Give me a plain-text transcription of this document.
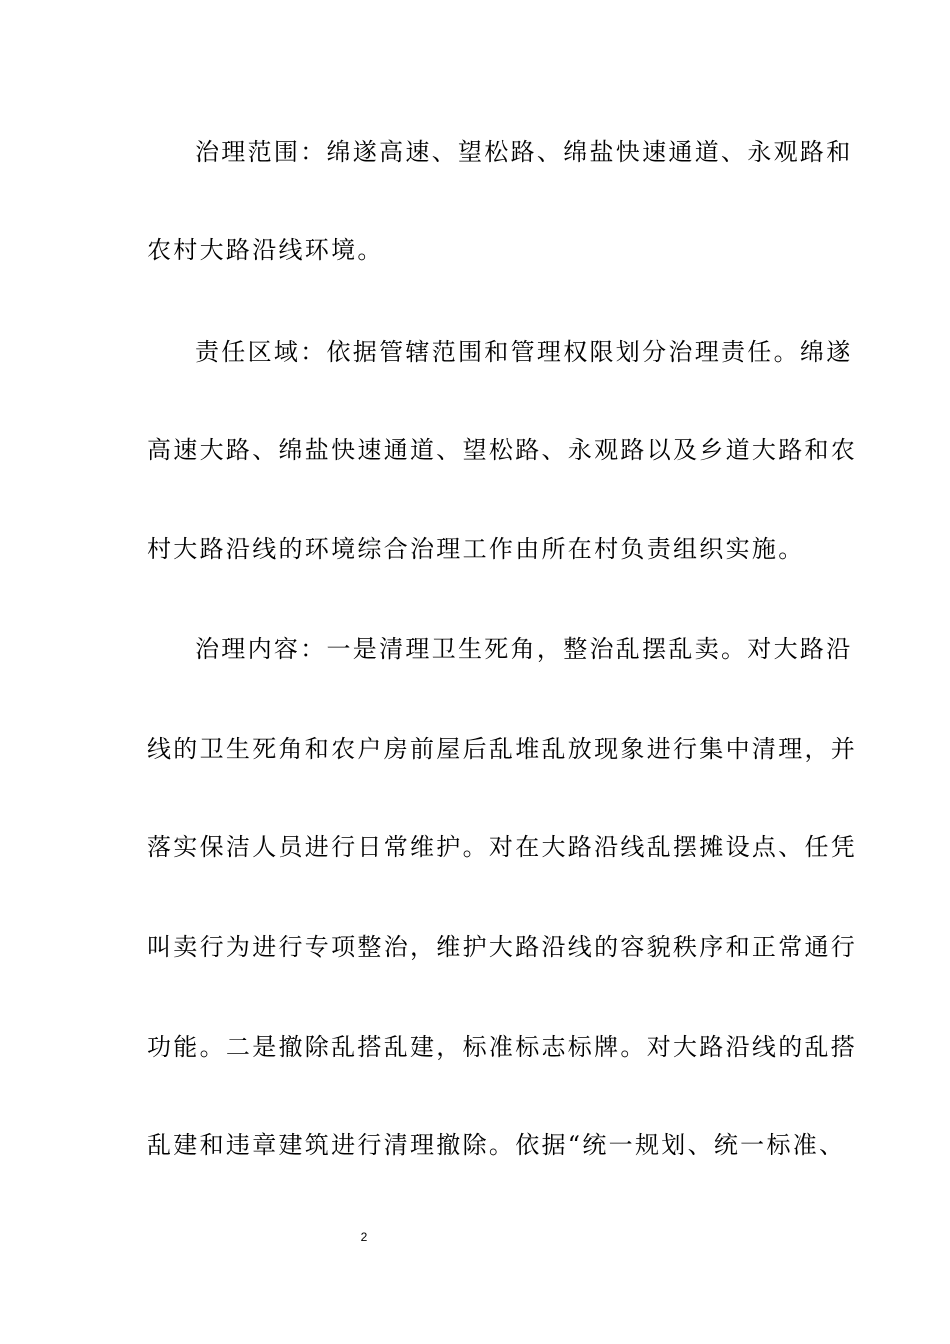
治理范围：绵遂高速、望松路、绵盐快速通道、永观路和
农村大路沿线环境。
责任区域：依据管辖范围和管理权限划分治理责任。绵遂
高速大路、绵盐快速通道、望松路、永观路以及乡道大路和农
村大路沿线的环境综合治理工作由所在村负责组织实施。
治理内容：一是清理卫生死角，整治乱摆乱卖。对大路沿
线的卫生死角和农户房前屋后乱堆乱放现象进行集中清理，并
落实保洁人员进行日常维护。对在大路沿线乱摆摊设点、任凭
叫卖行为进行专项整治，维护大路沿线的容貌秩序和正常通行
功能。二是撤除乱搭乱建，标准标志标牌。对大路沿线的乱搭
乱建和违章建筑进行清理撤除。依据“统一规划、统一标准、
2
